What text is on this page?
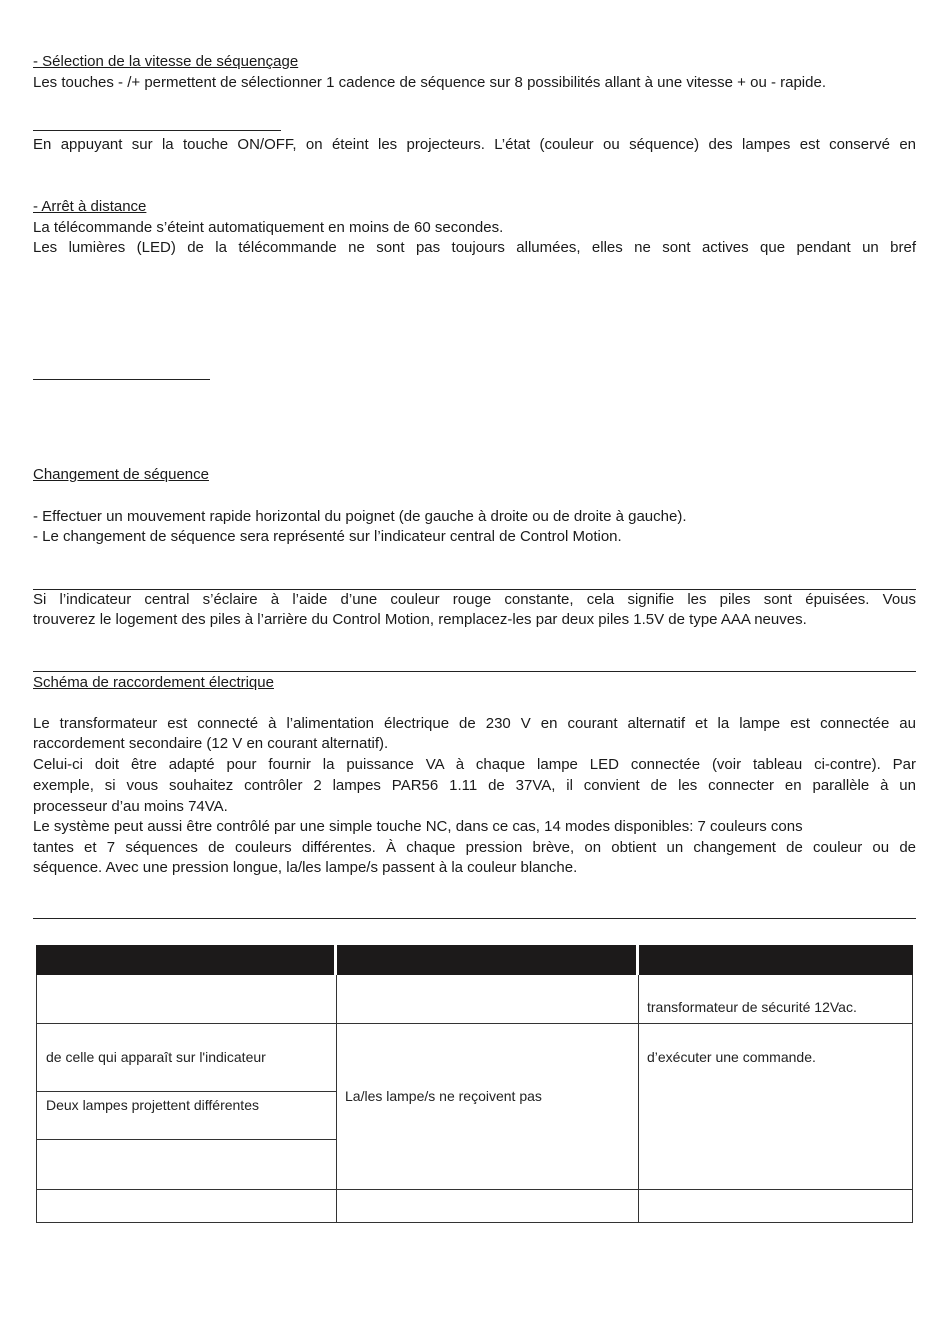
- Sélection de la vitesse de séquençage
Les touches - /+ permettent de sélectionner 1 cadence de séquence sur 8 possibilités allant à une vitesse + ou - rapide.
En appuyant sur la touche ON/OFF, on éteint les projecteurs. L’état (couleur ou séquence) des lampes est conservé en
- Arrêt à distance
La télécommande s’éteint automatiquement en moins de 60 secondes.
Les lumières (LED) de la télécommande ne sont pas toujours allumées, elles ne sont actives que pendant un bref
Changement de séquence
- Effectuer un mouvement rapide horizontal du poignet (de gauche à droite ou de droite à gauche).
- Le changement de séquence sera représenté sur l’indicateur central de Control Motion.
Si l’indicateur central s’éclaire à l’aide d’une couleur rouge constante, cela signifie les piles sont épuisées. Vous
trouverez le logement des piles à l’arrière du Control Motion, remplacez-les par deux piles 1.5V de type AAA neuves.
Schéma de raccordement électrique
Le transformateur est connecté à l’alimentation électrique de 230 V en courant alternatif et la lampe est connectée au
raccordement secondaire (12 V en courant alternatif).
Celui-ci doit être adapté pour fournir la puissance VA à chaque lampe LED connectée (voir tableau ci-contre). Par
exemple, si vous souhaitez contrôler 2 lampes PAR56 1.11 de 37VA, il convient de les connecter en parallèle à un
processeur d’au moins 74VA.
Le système peut aussi être contrôlé par une simple touche NC, dans ce cas, 14 modes disponibles: 7 couleurs cons
tantes et 7 séquences de couleurs différentes. À chaque pression brève, on obtient un changement de couleur ou de
séquence. Avec une pression longue, la/les lampe/s passent à la couleur blanche.
transformateur de sécurité 12Vac.
de celle qui apparaît sur l'indicateur	d’exécuter une commande.
Deux lampes projettent différentes
La/les lampe/s ne reçoivent pas
